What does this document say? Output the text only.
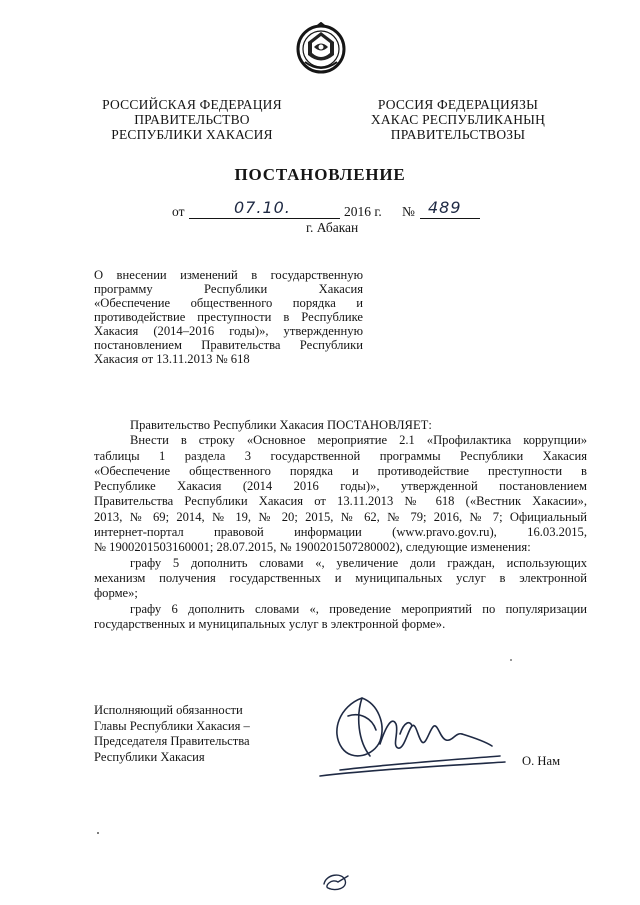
РОССИЙСКАЯ ФЕДЕРАЦИЯ
ПРАВИТЕЛЬСТВО
РЕСПУБЛИКИ ХАКАСИЯ
РОССИЯ ФЕДЕРАЦИЯЗЫ
ХАКАС РЕСПУБЛИКАНЫҢ
ПРАВИТЕЛЬСТВОЗЫ
ПОСТАНОВЛЕНИЕ
от	07.10.	2016 г. № 489
г. Абакан
О внесении изменений в государственную
программу Республики Хакасия
«Обеспечение общественного порядка и
противодействие преступности в Республике
Хакасия (2014–2016 годы)», утвержденную
постановлением Правительства Республики
Хакасия от 13.11.2013 № 618
Правительство Республики Хакасия ПОСТАНОВЛЯЕТ:
Внести в строку «Основное мероприятие 2.1 «Профилактика коррупции»
таблицы 1 раздела 3 государственной программы Республики Хакасия
«Обеспечение общественного порядка и противодействие преступности в
Республике Хакасия (2014 2016 годы)», утвержденной постановлением
Правительства Республики Хакасия от 13.11.2013 № 618 («Вестник Хакасии»,
2013, № 69; 2014, № 19, № 20; 2015, № 62, № 79; 2016, № 7; Официальный
интернет-портал правовой информации (www.pravo.gov.ru), 16.03.2015,
№ 1900201503160001; 28.07.2015, № 1900201507280002), следующие изменения:
графу 5 дополнить словами «, увеличение доли граждан, использующих
механизм получения государственных и муниципальных услуг в электронной
форме»;
графу 6 дополнить словами «, проведение мероприятий по популяризации
государственных и муниципальных услуг в электронной форме».
Исполняющий обязанности
Главы Республики Хакасия –
Председателя Правительства
Республики Хакасия	О. Нам
